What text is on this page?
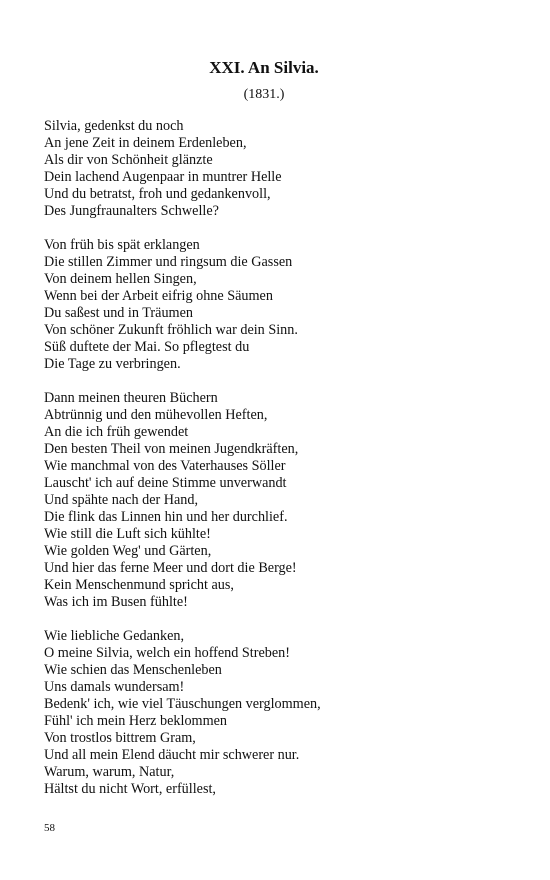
XXI. An Silvia.

(1831.)

Silvia, gedenkst du noch
An jene Zeit in deinem Erdenleben,
Als dir von Schönheit glänzte
Dein lachend Augenpaar in muntrer Helle
Und du betratst, froh und gedankenvoll,
Des Jungfraunalters Schwelle?
Von früh bis spät erklangen
Die stillen Zimmer und ringsum die Gassen
Von deinem hellen Singen,
Wenn bei der Arbeit eifrig ohne Säumen
Du saßest und in Träumen
Von schöner Zukunft fröhlich war dein Sinn.
Süß duftete der Mai. So pflegtest du
Die Tage zu verbringen.
Dann meinen theuren Büchern
Abtrünnig und den mühevollen Heften,
An die ich früh gewendet
Den besten Theil von meinen Jugendkräften,
Wie manchmal von des Vaterhauses Söller
Lauscht' ich auf deine Stimme unverwandt
Und spähte nach der Hand,
Die flink das Linnen hin und her durchlief.
Wie still die Luft sich kühlte!
Wie golden Weg' und Gärten,
Und hier das ferne Meer und dort die Berge!
Kein Menschenmund spricht aus,
Was ich im Busen fühlte!
Wie liebliche Gedanken,
O meine Silvia, welch ein hoffend Streben!
Wie schien das Menschenleben
Uns damals wundersam!
Bedenk' ich, wie viel Täuschungen verglommen,
Fühl' ich mein Herz beklommen
Von trostlos bittrem Gram,
Und all mein Elend däucht mir schwerer nur.
Warum, warum, Natur,
Hältst du nicht Wort, erfüllest,

58
